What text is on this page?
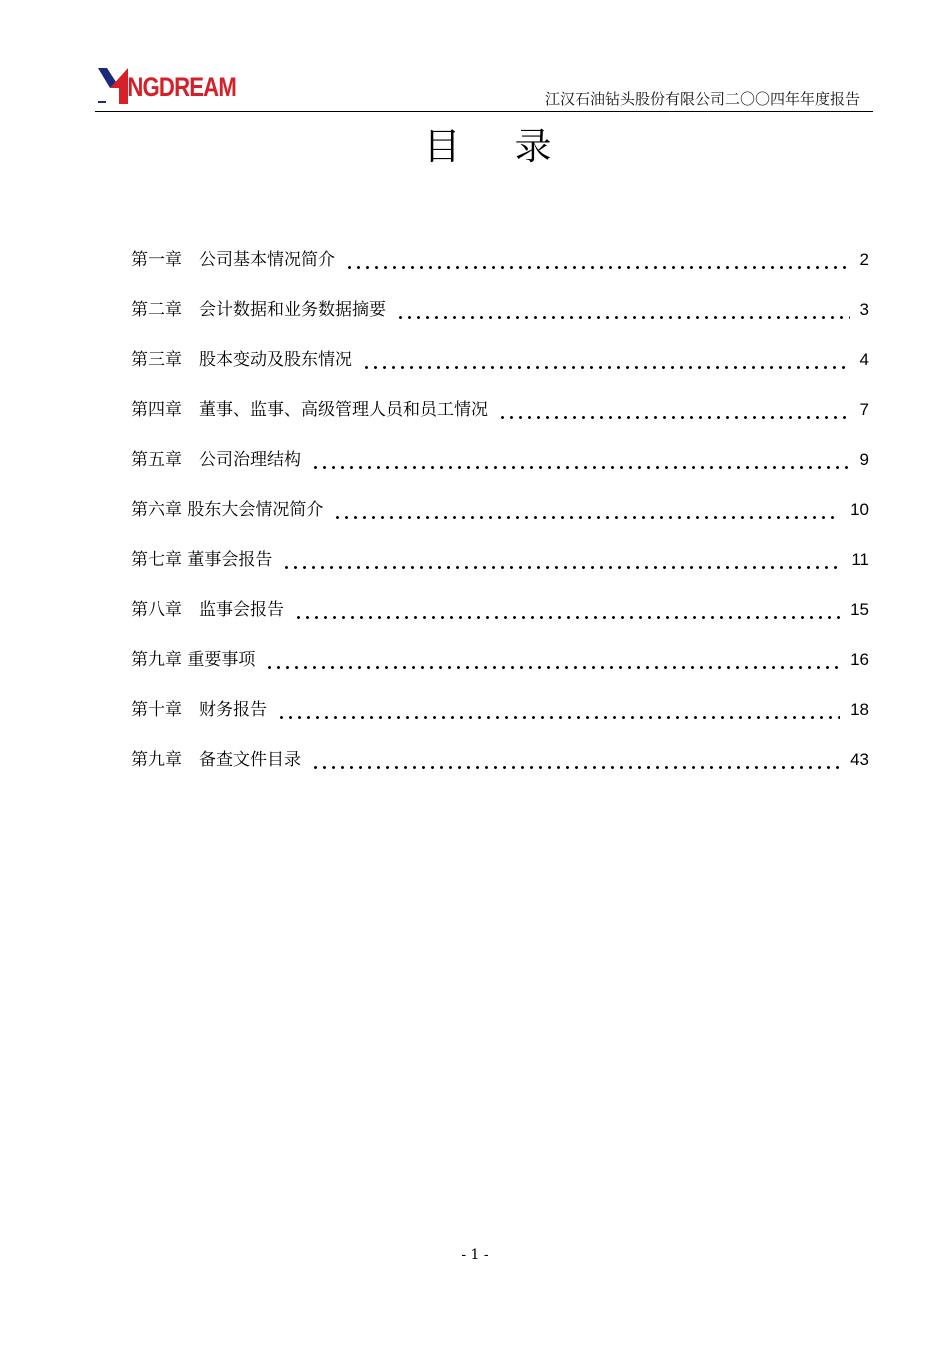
INGDREAM	江汉石油钻头股份有限公司二〇〇四年年度报告
目录
第一章　公司基本情况简介	2
第二章　会计数据和业务数据摘要	3
第三章　股本变动及股东情况	4
第四章　董事、监事、高级管理人员和员工情况	7
第五章　公司治理结构	9
第六章 股东大会情况简介	10
第七章 董事会报告	11
第八章　监事会报告	15
第九章 重要事项	16
第十章　财务报告	18
第九章　备查文件目录	43
- 1 -
